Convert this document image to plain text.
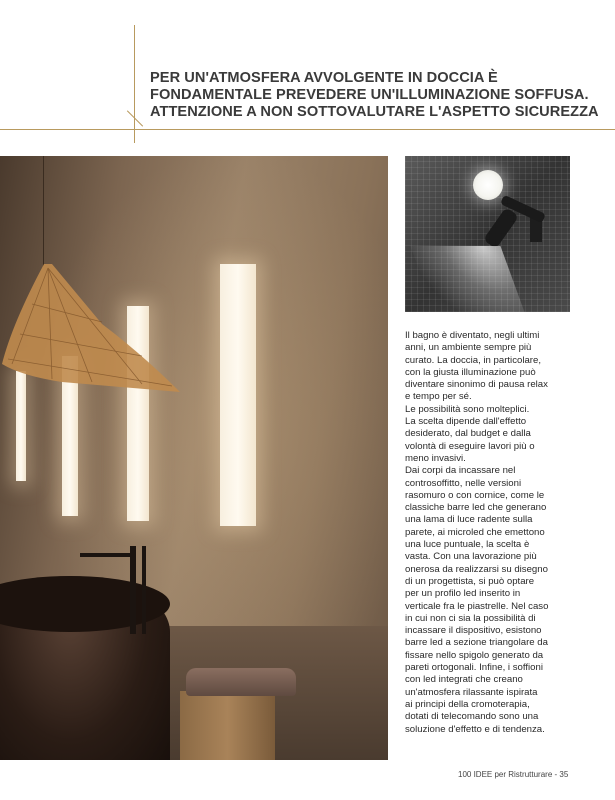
PER UN'ATMOSFERA AVVOLGENTE IN DOCCIA È
FONDAMENTALE PREVEDERE UN'ILLUMINAZIONE SOFFUSA.
ATTENZIONE A NON SOTTOVALUTARE L'ASPETTO SICUREZZA

Il bagno è diventato, negli ultimi
anni, un ambiente sempre più
curato. La doccia, in particolare,
con la giusta illuminazione può
diventare sinonimo di pausa relax
e tempo per sé.

Le possibilità sono molteplici.

La scelta dipende dall'effetto
desiderato, dal budget e dalla
volontà di eseguire lavori più o
meno invasivi.

Dai corpi da incassare nel
controsoffitto, nelle versioni
rasomuro o con cornice, come le
classiche barre led che generano
una lama di luce radente sulla
parete, ai microled che emettono
una luce puntuale, la scelta è
vasta. Con una lavorazione più
onerosa da realizzarsi su disegno
di un progettista, si può optare
per un profilo led inserito in
verticale fra le piastrelle. Nel caso
in cui non ci sia la possibilità di
incassare il dispositivo, esistono
barre led a sezione triangolare da
fissare nello spigolo generato da
pareti ortogonali. Infine, i soffioni
con led integrati che creano
un'atmosfera rilassante ispirata
ai principi della cromoterapia,
dotati di telecomando sono una
soluzione d'effetto e di tendenza.

100 IDEE per Ristrutturare - 35
